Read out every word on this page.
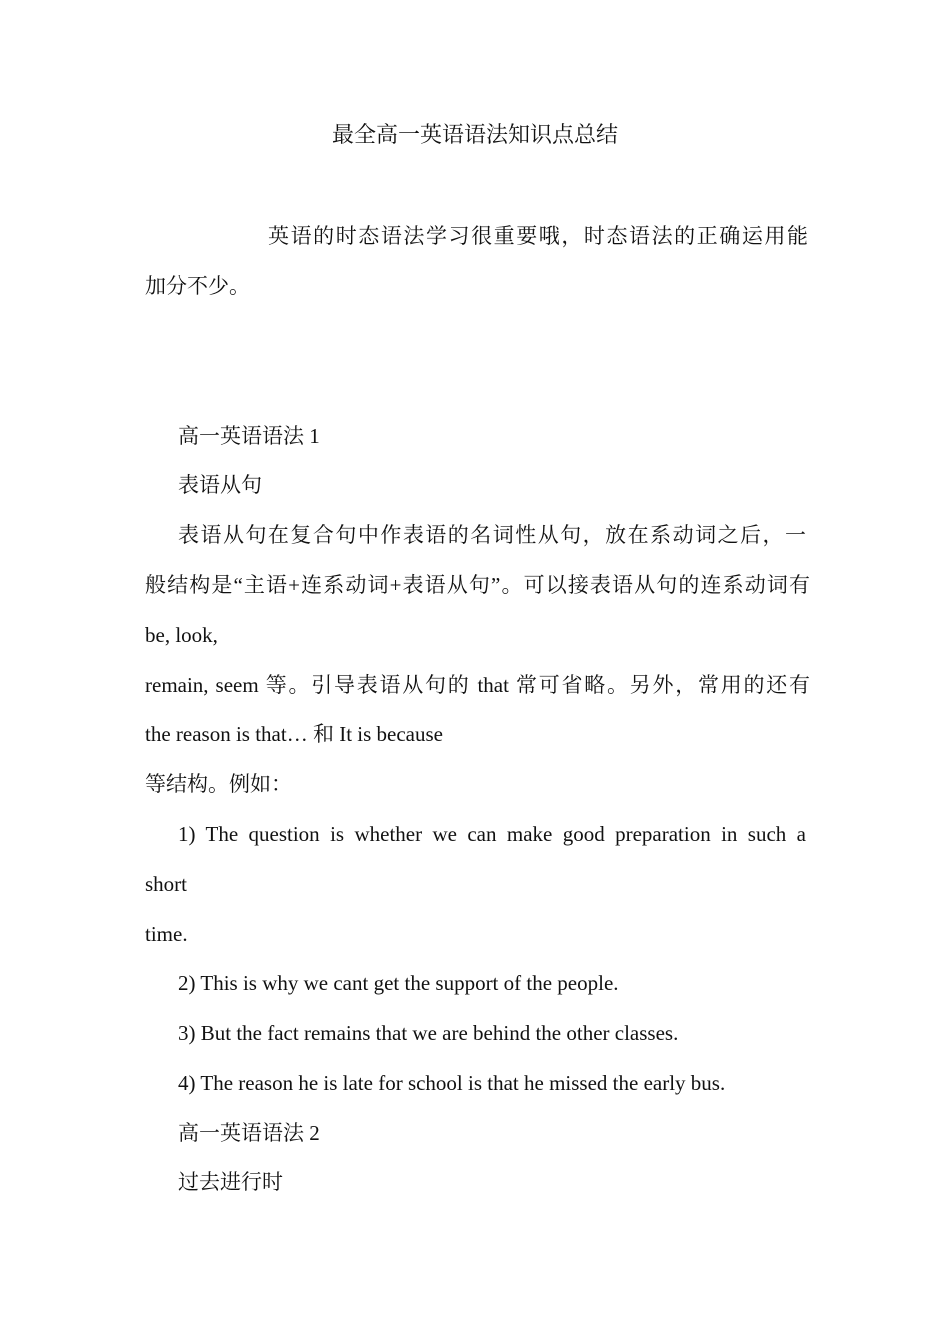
最全高一英语语法知识点总结
英语的时态语法学习很重要哦，时态语法的正确运用能
加分不少。
高一英语语法 1
表语从句
表语从句在复合句中作表语的名词性从句，放在系动词之后，一
般结构是“主语+连系动词+表语从句”。可以接表语从句的连系动词有
be, look,
remain, seem 等。引导表语从句的 that 常可省略。另外，常用的还有
the reason is that… 和 It is because
等结构。例如：
1) The question is whether we can make good preparation in such a
short
time.
2) This is why we cant get the support of the people.
3) But the fact remains that we are behind the other classes.
4) The reason he is late for school is that he missed the early bus.
高一英语语法 2
过去进行时
